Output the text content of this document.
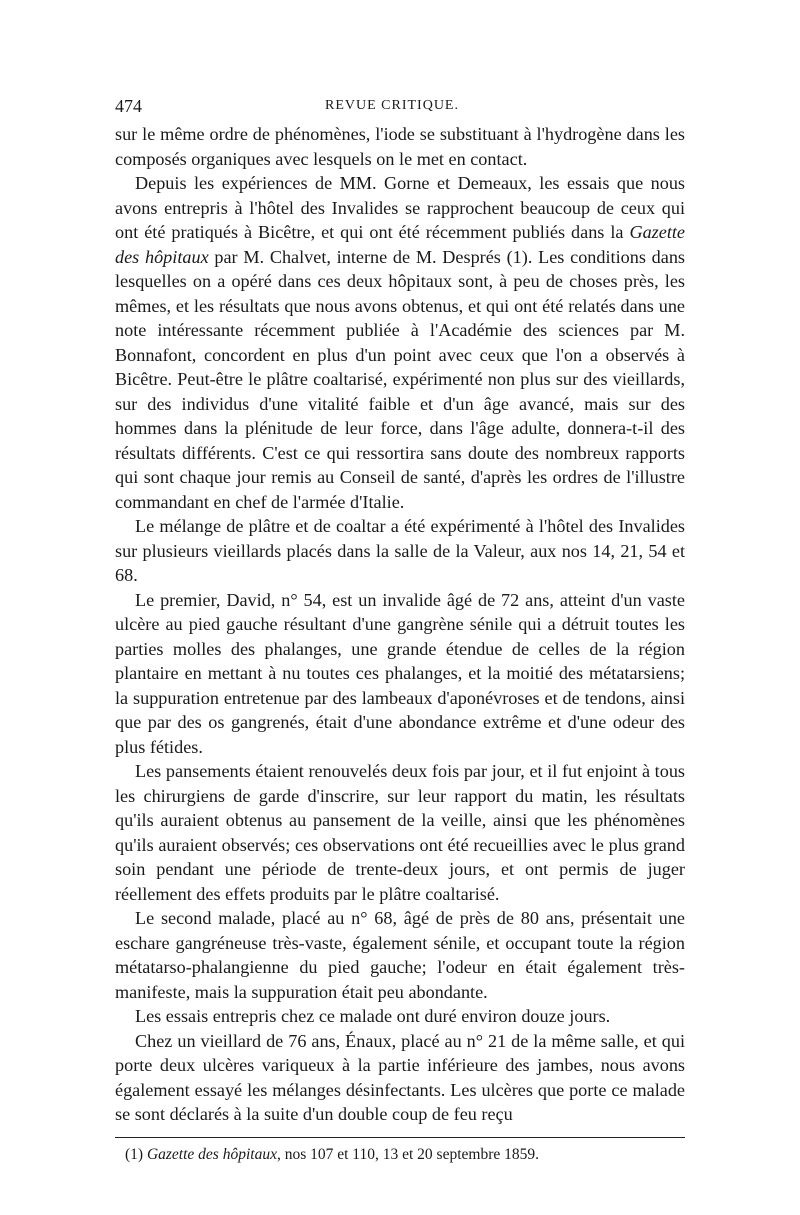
474	REVUE CRITIQUE.

sur le même ordre de phénomènes, l'iode se substituant à l'hydrogène dans les composés organiques avec lesquels on le met en contact.

Depuis les expériences de MM. Gorne et Demeaux, les essais que nous avons entrepris à l'hôtel des Invalides se rapprochent beaucoup de ceux qui ont été pratiqués à Bicêtre, et qui ont été récemment publiés dans la Gazette des hôpitaux par M. Chalvet, interne de M. Després (1). Les conditions dans lesquelles on a opéré dans ces deux hôpitaux sont, à peu de choses près, les mêmes, et les résultats que nous avons obtenus, et qui ont été relatés dans une note intéressante récemment publiée à l'Académie des sciences par M. Bonnafont, concordent en plus d'un point avec ceux que l'on a observés à Bicêtre. Peut-être le plâtre coaltarisé, expérimenté non plus sur des vieillards, sur des individus d'une vitalité faible et d'un âge avancé, mais sur des hommes dans la plénitude de leur force, dans l'âge adulte, donnera-t-il des résultats différents. C'est ce qui ressortira sans doute des nombreux rapports qui sont chaque jour remis au Conseil de santé, d'après les ordres de l'illustre commandant en chef de l'armée d'Italie.

Le mélange de plâtre et de coaltar a été expérimenté à l'hôtel des Invalides sur plusieurs vieillards placés dans la salle de la Valeur, aux nos 14, 21, 54 et 68.

Le premier, David, n° 54, est un invalide âgé de 72 ans, atteint d'un vaste ulcère au pied gauche résultant d'une gangrène sénile qui a détruit toutes les parties molles des phalanges, une grande étendue de celles de la région plantaire en mettant à nu toutes ces phalanges, et la moitié des métatarsiens; la suppuration entretenue par des lambeaux d'aponévroses et de tendons, ainsi que par des os gangrenés, était d'une abondance extrême et d'une odeur des plus fétides.

Les pansements étaient renouvelés deux fois par jour, et il fut enjoint à tous les chirurgiens de garde d'inscrire, sur leur rapport du matin, les résultats qu'ils auraient obtenus au pansement de la veille, ainsi que les phénomènes qu'ils auraient observés; ces observations ont été recueillies avec le plus grand soin pendant une période de trente-deux jours, et ont permis de juger réellement des effets produits par le plâtre coaltarisé.

Le second malade, placé au n° 68, âgé de près de 80 ans, présentait une eschare gangréneuse très-vaste, également sénile, et occupant toute la région métatarso-phalangienne du pied gauche; l'odeur en était également très-manifeste, mais la suppuration était peu abondante.

Les essais entrepris chez ce malade ont duré environ douze jours.

Chez un vieillard de 76 ans, Énaux, placé au n° 21 de la même salle, et qui porte deux ulcères variqueux à la partie inférieure des jambes, nous avons également essayé les mélanges désinfectants. Les ulcères que porte ce malade se sont déclarés à la suite d'un double coup de feu reçu

(1) Gazette des hôpitaux, nos 107 et 110, 13 et 20 septembre 1859.
